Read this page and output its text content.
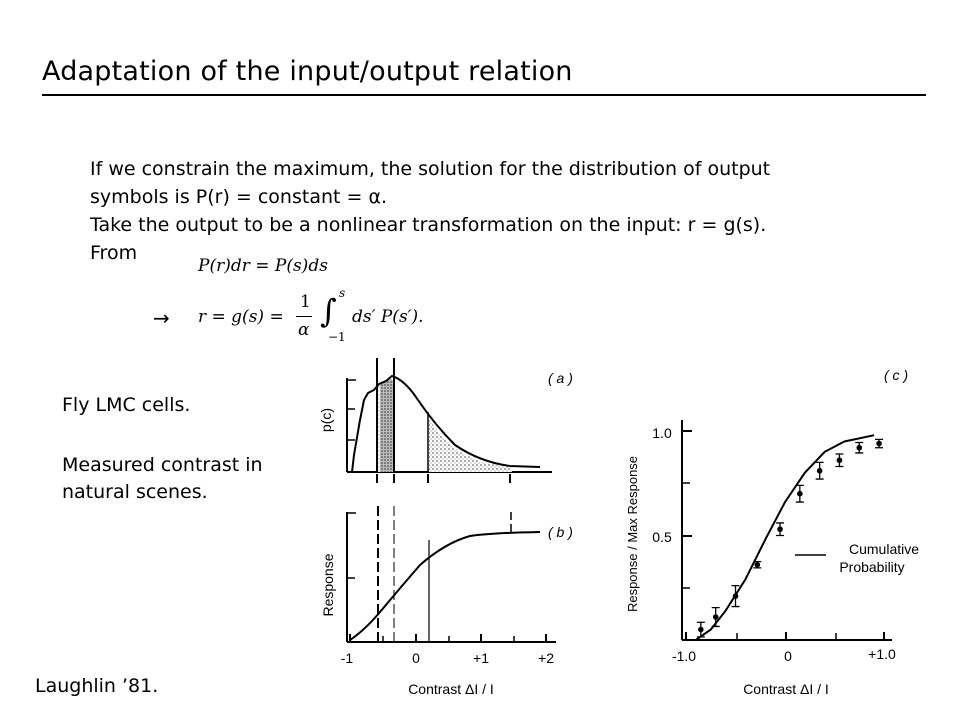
Adaptation of the input/output relation
If we constrain the maximum, the solution for the distribution of output
symbols is P(r) = constant = α.
Take the output to be a nonlinear transformation on the input: r = g(s).
From
P(r)dr = P(s)ds
→ r = g(s) =
1
α ∫ s
−1
ds′ P(s′).
Fly LMC cells.
Measured contrast in
natural scenes.
Laughlin ’81.
p(c)
( a )
( b )
Response
-1	0	+1	+2
Contrast ΔI / I
1.0
0.5
-1.0	0	+1.0
Contrast ΔI / I
Response / Max Response
( c )
Cumulative
Probability
